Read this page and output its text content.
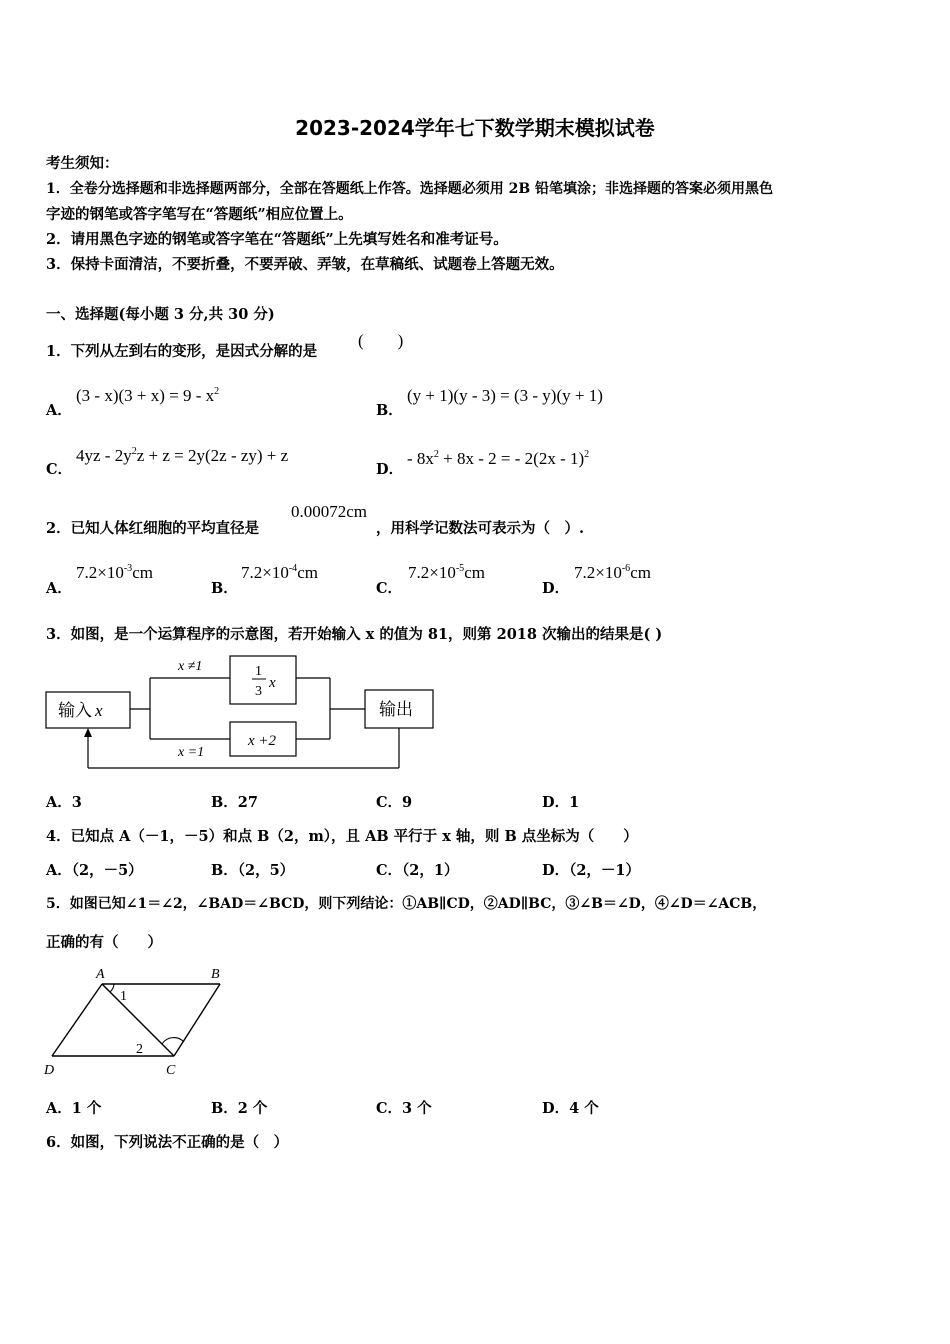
2023-2024学年七下数学期末模拟试卷
考生须知：
1．全卷分选择题和非选择题两部分，全部在答题纸上作答。选择题必须用 2B 铅笔填涂；非选择题的答案必须用黑色
字迹的钢笔或答字笔写在“答题纸”相应位置上。
2．请用黑色字迹的钢笔或答字笔在“答题纸”上先填写姓名和准考证号。
3．保持卡面清洁，不要折叠，不要弄破、弄皱，在草稿纸、试题卷上答题无效。
一、选择题(每小题 3 分,共 30 分)
1．下列从左到右的变形，是因式分解的是
(　　)
A．
$(3 - x)(3 + x) = 9 - x^2$
B．
(y + 1)(y - 3) = (3 - y)(y + 1)
C．
$4yz - 2y^2z + z = 2y(2z - zy) + z$
D．
- $8x^2 + 8x - 2$ = - 2(2x - 1)$^2$
2．已知人体红细胞的平均直径是
0.00072cm
，用科学记数法可表示为（　）.
A．
$7.2\times 10^{-3}cm$
B．
$7.2\times 10^{-4}cm$
C．
$7.2\times 10^{-5}cm$
D．
$7.2\times 10^{-6}cm$
3．如图，是一个运算程序的示意图，若开始输入 x 的值为 81，则第 2018 次输出的结果是( )
输入 x
x ≠1
x =1
1
3
x
x +2
输出
A．3	B．27	C．9	D．1
4．已知点 A（－1，－5）和点 B（2，m），且 AB 平行于 x 轴，则 B 点坐标为（　　）
A．（2，－5）	B．（2，5）	C．（2，1）	D．（2，－1）
5．如图已知∠1＝∠2，∠BAD＝∠BCD，则下列结论：①AB∥CD，②AD∥BC，③∠B＝∠D，④∠D＝∠ACB，
正确的有（　　）
A	B
C
D
1
2
A．1 个	B．2 个	C．3 个	D．4 个
6．如图，下列说法不正确的是（　）
